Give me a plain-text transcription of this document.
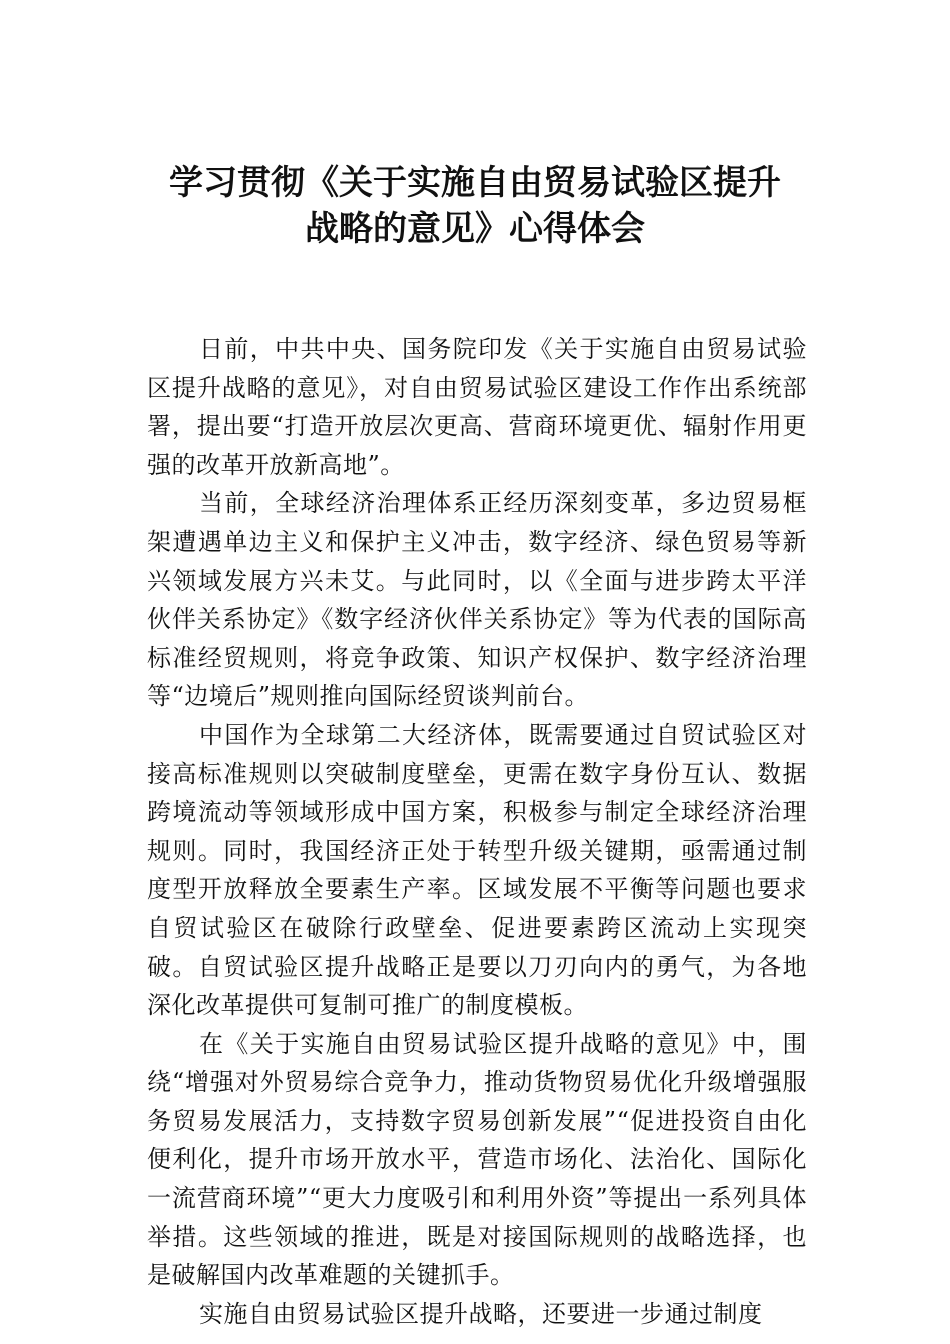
学习贯彻《关于实施自由贸易试验区提升
战略的意见》心得体会

日前，中共中央、国务院印发《关于实施自由贸易试验区提升战略的意见》，对自由贸易试验区建设工作作出系统部署，提出要“打造开放层次更高、营商环境更优、辐射作用更强的改革开放新高地”。

当前，全球经济治理体系正经历深刻变革，多边贸易框架遭遇单边主义和保护主义冲击，数字经济、绿色贸易等新兴领域发展方兴未艾。与此同时，以《全面与进步跨太平洋伙伴关系协定》《数字经济伙伴关系协定》等为代表的国际高标准经贸规则，将竞争政策、知识产权保护、数字经济治理等“边境后”规则推向国际经贸谈判前台。

中国作为全球第二大经济体，既需要通过自贸试验区对接高标准规则以突破制度壁垒，更需在数字身份互认、数据跨境流动等领域形成中国方案，积极参与制定全球经济治理规则。同时，我国经济正处于转型升级关键期，亟需通过制度型开放释放全要素生产率。区域发展不平衡等问题也要求自贸试验区在破除行政壁垒、促进要素跨区流动上实现突破。自贸试验区提升战略正是要以刀刃向内的勇气，为各地深化改革提供可复制可推广的制度模板。

在《关于实施自由贸易试验区提升战略的意见》中，围绕“增强对外贸易综合竞争力，推动货物贸易优化升级增强服务贸易发展活力，支持数字贸易创新发展”“促进投资自由化便利化，提升市场开放水平，营造市场化、法治化、国际化一流营商环境”“更大力度吸引和利用外资”等提出一系列具体举措。这些领域的推进，既是对接国际规则的战略选择，也是破解国内改革难题的关键抓手。

实施自由贸易试验区提升战略，还要进一步通过制度
